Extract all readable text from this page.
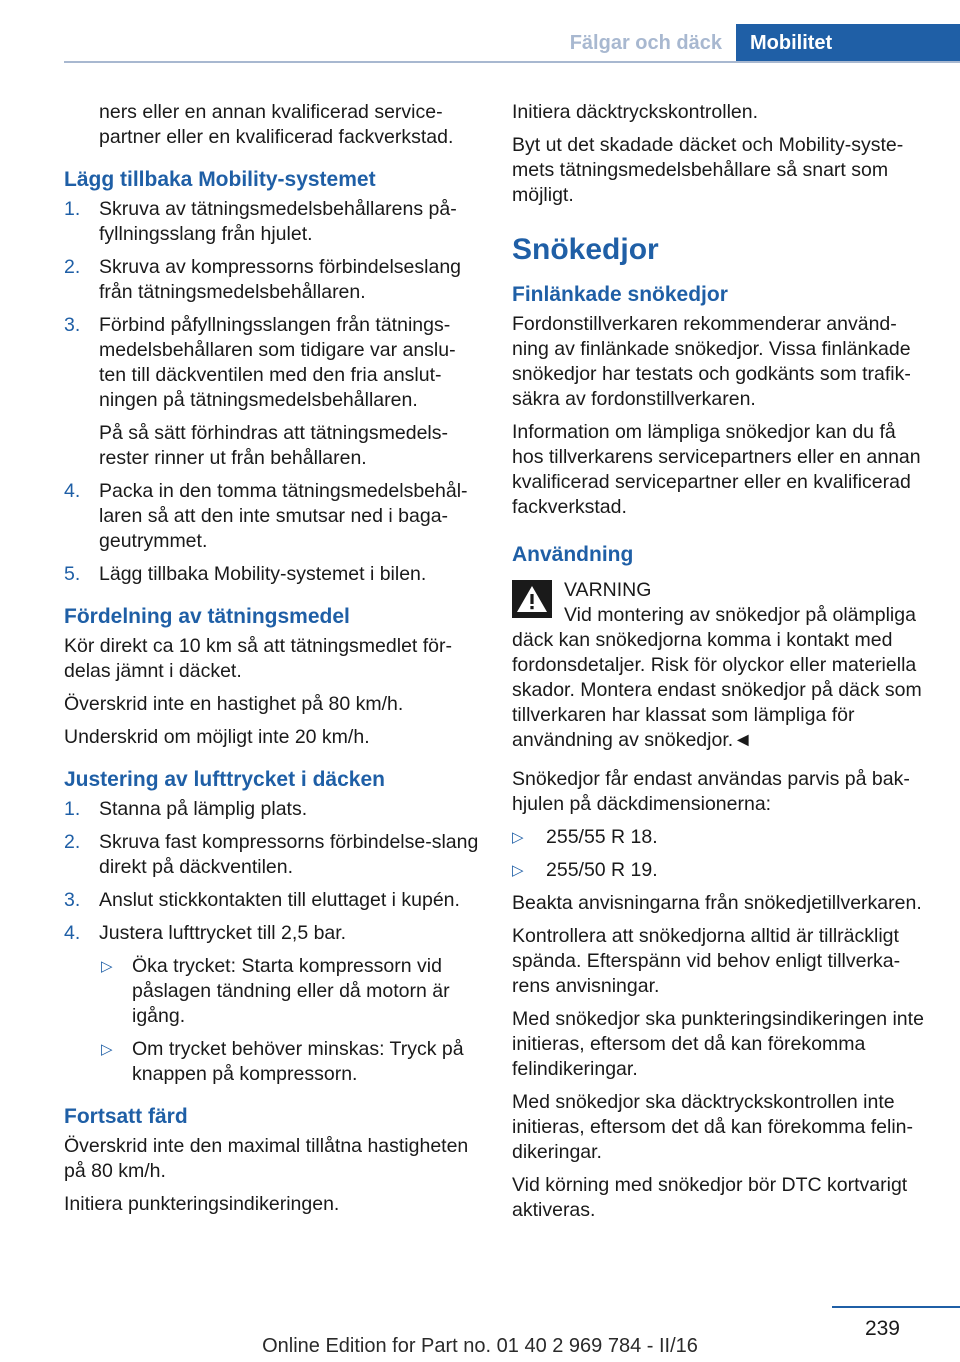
Fälgar och däck	Mobilitet

ners eller en annan kvalificerad service-partner eller en kvalificerad fackverkstad.

Lägg tillbaka Mobility-systemet
1. Skruva av tätningsmedelsbehållarens på-fyllningsslang från hjulet.
2. Skruva av kompressorns förbindelseslang från tätningsmedelsbehållaren.
3. Förbind påfyllningsslangen från tätnings-medelsbehållaren som tidigare var anslu-ten till däckventilen med den fria anslut-ningen på tätningsmedelsbehållaren.

På så sätt förhindras att tätningsmedels-rester rinner ut från behållaren.

4. Packa in den tomma tätningsmedelsbehål-laren så att den inte smutsar ned i baga-geutrymmet.
5. Lägg tillbaka Mobility-systemet i bilen.
Fördelning av tätningsmedel

Kör direkt ca 10 km så att tätningsmedlet för-delas jämnt i däcket.

Överskrid inte en hastighet på 80 km/h.

Underskrid om möjligt inte 20 km/h.

Justering av lufttrycket i däcken
1. Stanna på lämplig plats.
2. Skruva fast kompressorns förbindelse-slang direkt på däckventilen.
3. Anslut stickkontakten till eluttaget i kupén.
4. Justera lufttrycket till 2,5 bar.
▷ Öka trycket: Starta kompressorn vid påslagen tändning eller då motorn är igång.
▷ Om trycket behöver minskas: Tryck på knappen på kompressorn.
Fortsatt färd

Överskrid inte den maximal tillåtna hastigheten på 80 km/h.

Initiera punkteringsindikeringen.

Initiera däcktryckskontrollen.

Byt ut det skadade däcket och Mobility-syste-mets tätningsmedelsbehållare så snart som möjligt.

Snökedjor
Finlänkade snökedjor

Fordonstillverkaren rekommenderar använd-ning av finlänkade snökedjor. Vissa finlänkade snökedjor har testats och godkänts som trafik-säkra av fordonstillverkaren.

Information om lämpliga snökedjor kan du få hos tillverkarens servicepartners eller en annan kvalificerad servicepartner eller en kvalificerad fackverkstad.

Användning
VARNING
Vid montering av snökedjor på olämpliga däck kan snökedjorna komma i kontakt med fordonsdetaljer. Risk för olyckor eller materiella skador. Montera endast snökedjor på däck som tillverkaren har klassat som lämpliga för användning av snökedjor.◄

Snökedjor får endast användas parvis på bak-hjulen på däckdimensionerna:

▷ 255/55 R 18.
▷ 255/50 R 19.

Beakta anvisningarna från snökedjetillverkaren.

Kontrollera att snökedjorna alltid är tillräckligt spända. Efterspänn vid behov enligt tillverka-rens anvisningar.

Med snökedjor ska punkteringsindikeringen inte initieras, eftersom det då kan förekomma felindikeringar.

Med snökedjor ska däcktryckskontrollen inte initieras, eftersom det då kan förekomma felin-dikeringar.

Vid körning med snökedjor bör DTC kortvarigt aktiveras.

239
Online Edition for Part no. 01 40 2 969 784 - II/16
